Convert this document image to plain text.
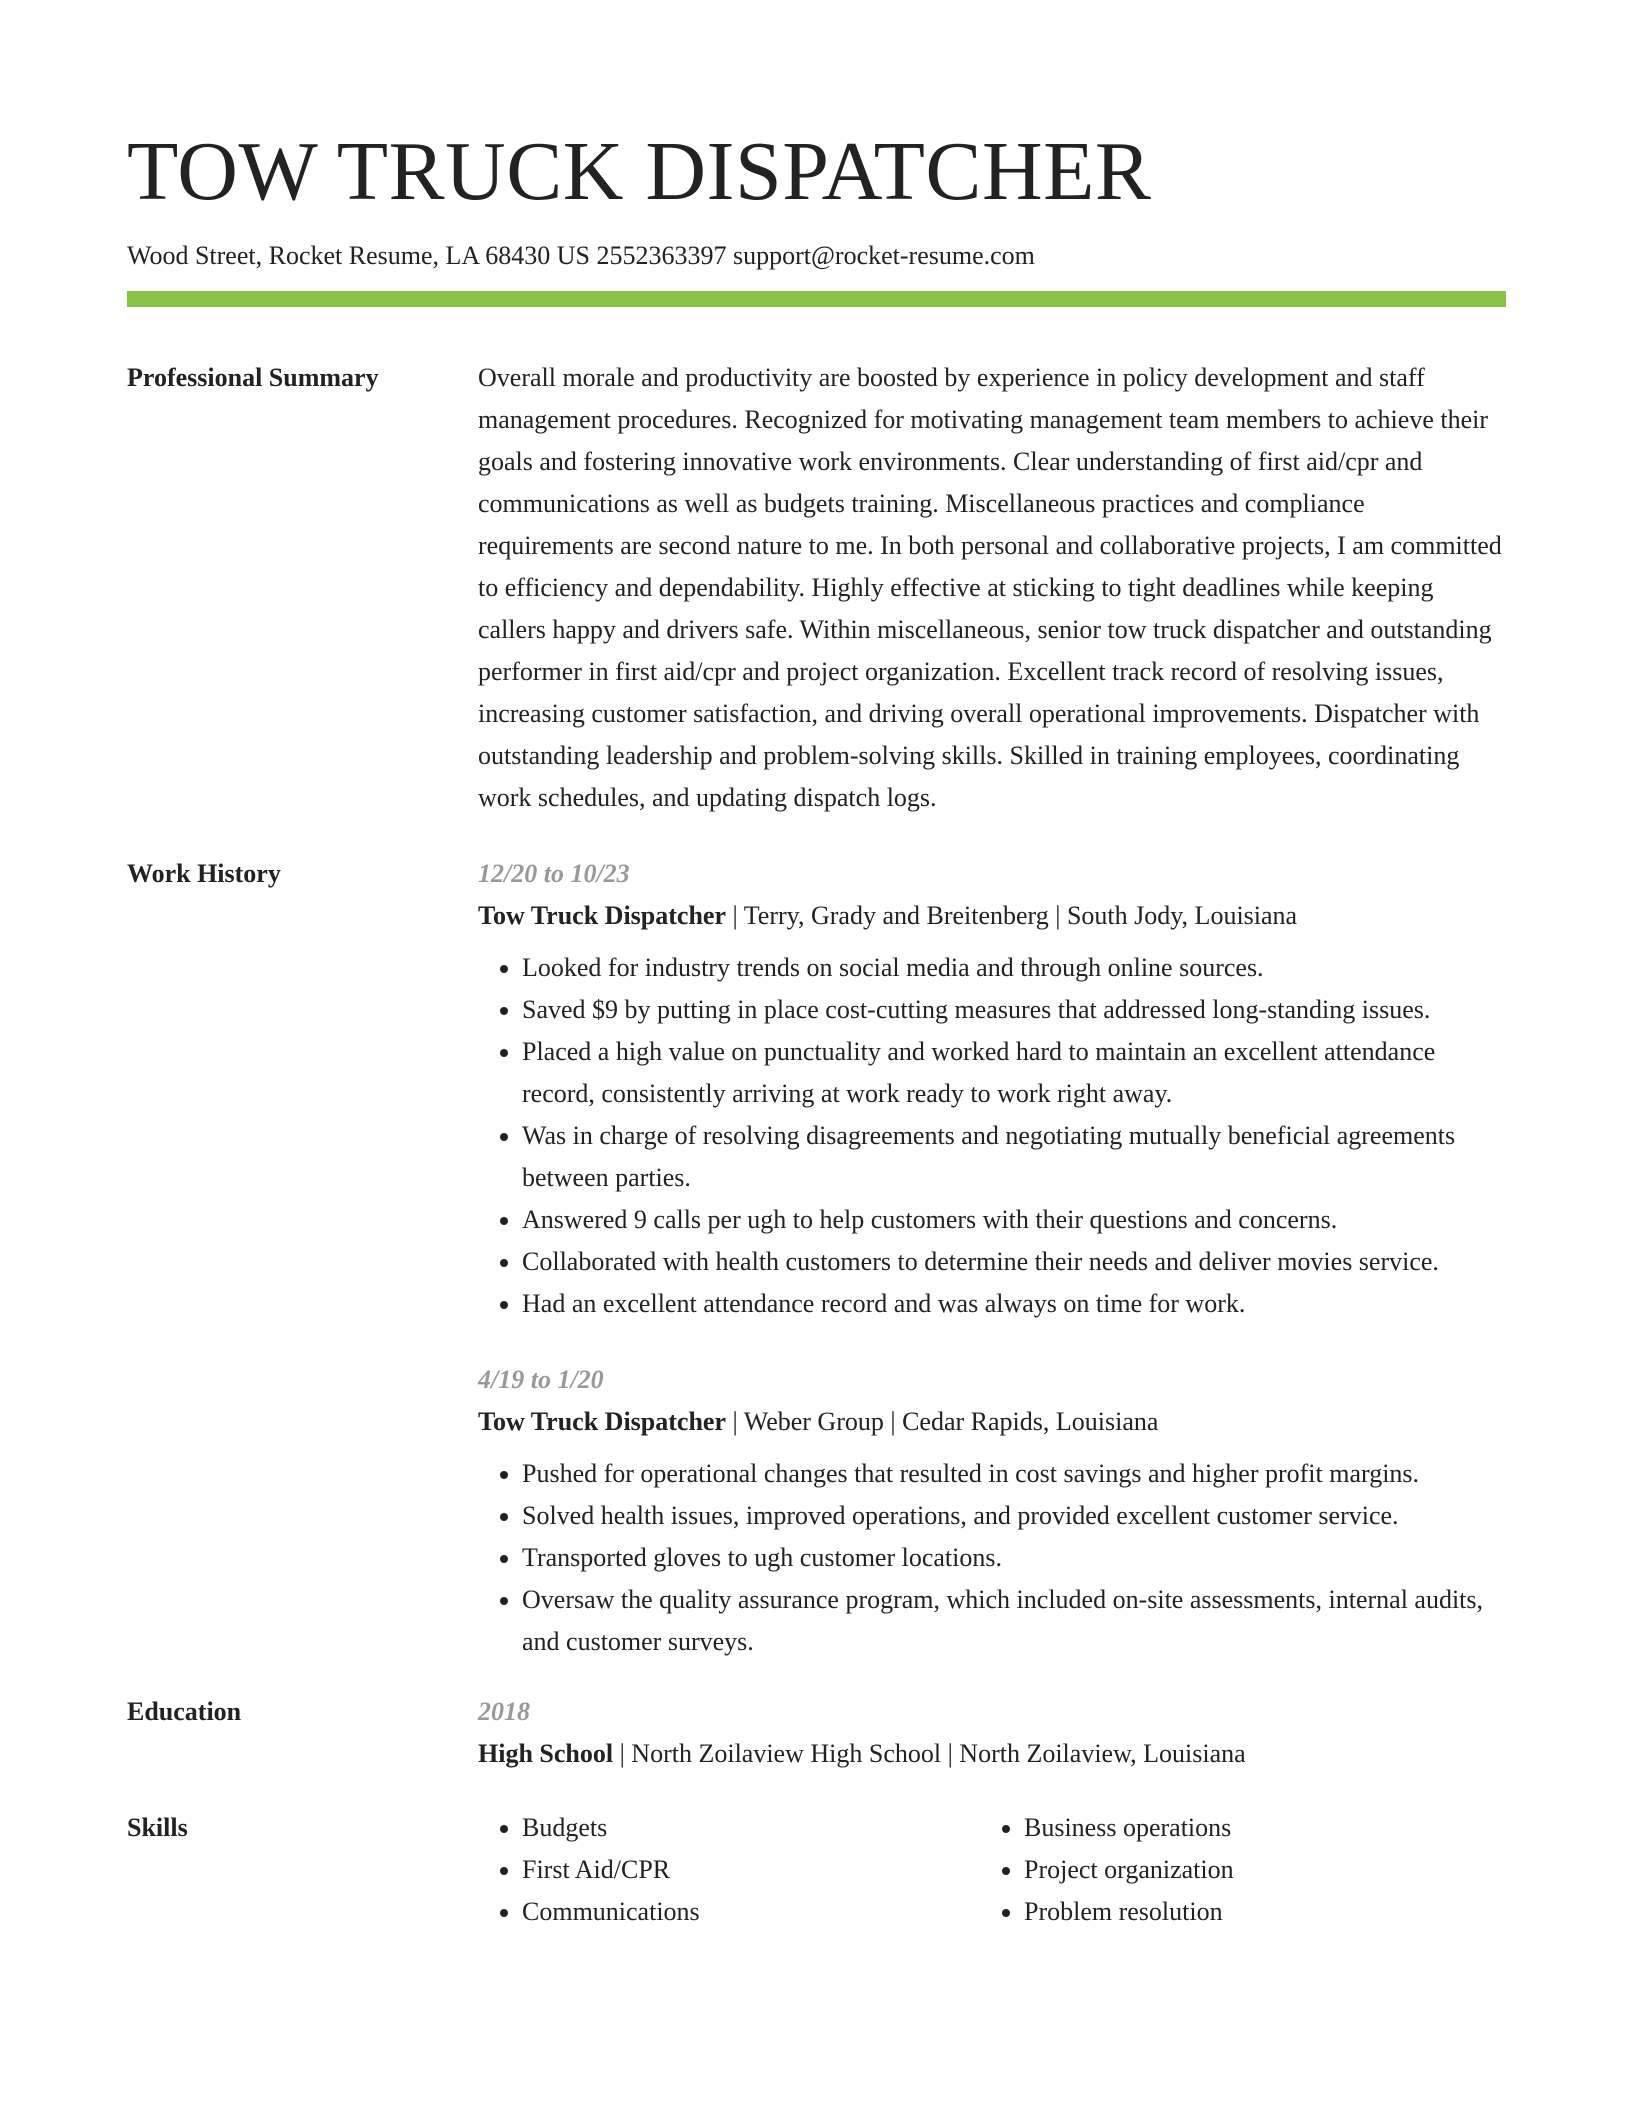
TOW TRUCK DISPATCHER
Wood Street, Rocket Resume, LA 68430 US 2552363397 support@rocket-resume.com
Professional Summary	Overall morale and productivity are boosted by experience in policy development and staff management procedures. Recognized for motivating management team members to achieve their goals and fostering innovative work environments. Clear understanding of first aid/cpr and communications as well as budgets training. Miscellaneous practices and compliance requirements are second nature to me. In both personal and collaborative projects, I am committed to efficiency and dependability. Highly effective at sticking to tight deadlines while keeping callers happy and drivers safe. Within miscellaneous, senior tow truck dispatcher and outstanding performer in first aid/cpr and project organization. Excellent track record of resolving issues, increasing customer satisfaction, and driving overall operational improvements. Dispatcher with outstanding leadership and problem-solving skills. Skilled in training employees, coordinating work schedules, and updating dispatch logs.
Work History	12/20 to 10/23
Tow Truck Dispatcher | Terry, Grady and Breitenberg | South Jody, Louisiana
• Looked for industry trends on social media and through online sources.
• Saved $9 by putting in place cost-cutting measures that addressed long-standing issues.
• Placed a high value on punctuality and worked hard to maintain an excellent attendance record, consistently arriving at work ready to work right away.
• Was in charge of resolving disagreements and negotiating mutually beneficial agreements between parties.
• Answered 9 calls per ugh to help customers with their questions and concerns.
• Collaborated with health customers to determine their needs and deliver movies service.
• Had an excellent attendance record and was always on time for work.
4/19 to 1/20
Tow Truck Dispatcher | Weber Group | Cedar Rapids, Louisiana
• Pushed for operational changes that resulted in cost savings and higher profit margins.
• Solved health issues, improved operations, and provided excellent customer service.
• Transported gloves to ugh customer locations.
• Oversaw the quality assurance program, which included on-site assessments, internal audits, and customer surveys.
Education	2018
High School | North Zoilaview High School | North Zoilaview, Louisiana
Skills
•	Budgets
• First Aid/CPR
• Communications
• Business operations
• Project organization
• Problem resolution
